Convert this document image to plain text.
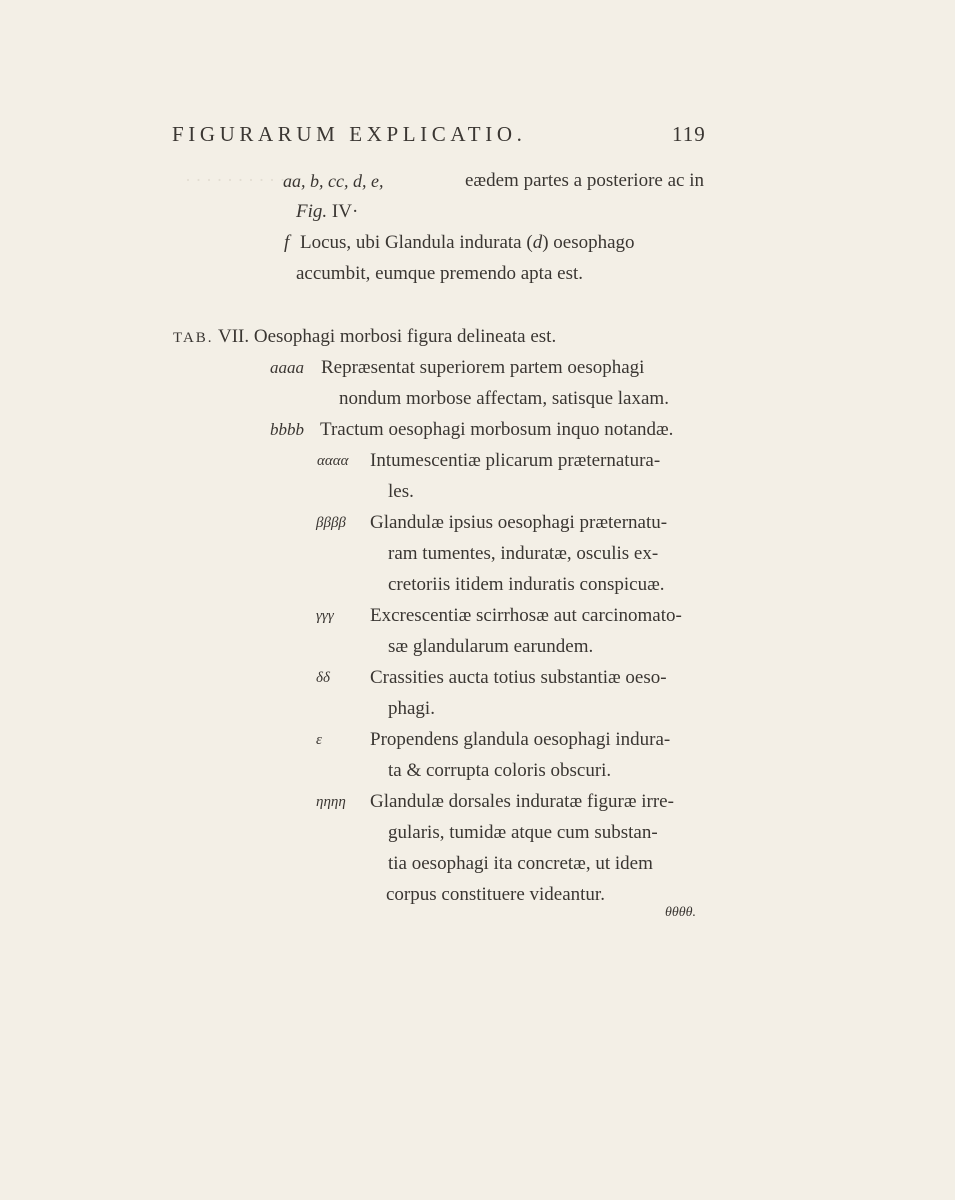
· · · · · · · · · · ·
FIGURARUM EXPLICATIO.	119
aa, b, cc, d, e,	eædem partes a posteriore ac in
Fig. IV·
f Locus, ubi Glandula indurata (d) oesophago
accumbit, eumque premendo apta est.
TAB. VII. Oesophagi morbosi figura delineata est.
aaaa Repræsentat superiorem partem oesophagi
nondum morbose affectam, satisque laxam.
bbbb Tractum oesophagi morbosum inquo notandæ.
αααα Intumescentiæ plicarum præternatura-
les.
ββββ Glandulæ ipsius oesophagi præternatu-
ram tumentes, induratæ, osculis ex-
cretoriis itidem induratis conspicuæ.
γγγ Excrescentiæ scirrhosæ aut carcinomato-
sæ glandularum earundem.
δδ Crassities aucta totius substantiæ oeso-
phagi.
ε	Propendens glandula oesophagi indura-
ta & corrupta coloris obscuri.
ηηηη Glandulæ dorsales induratæ figuræ irre-
gularis, tumidæ atque cum substan-
tia oesophagi ita concretæ, ut idem
corpus constituere videantur.
θθθθ.
